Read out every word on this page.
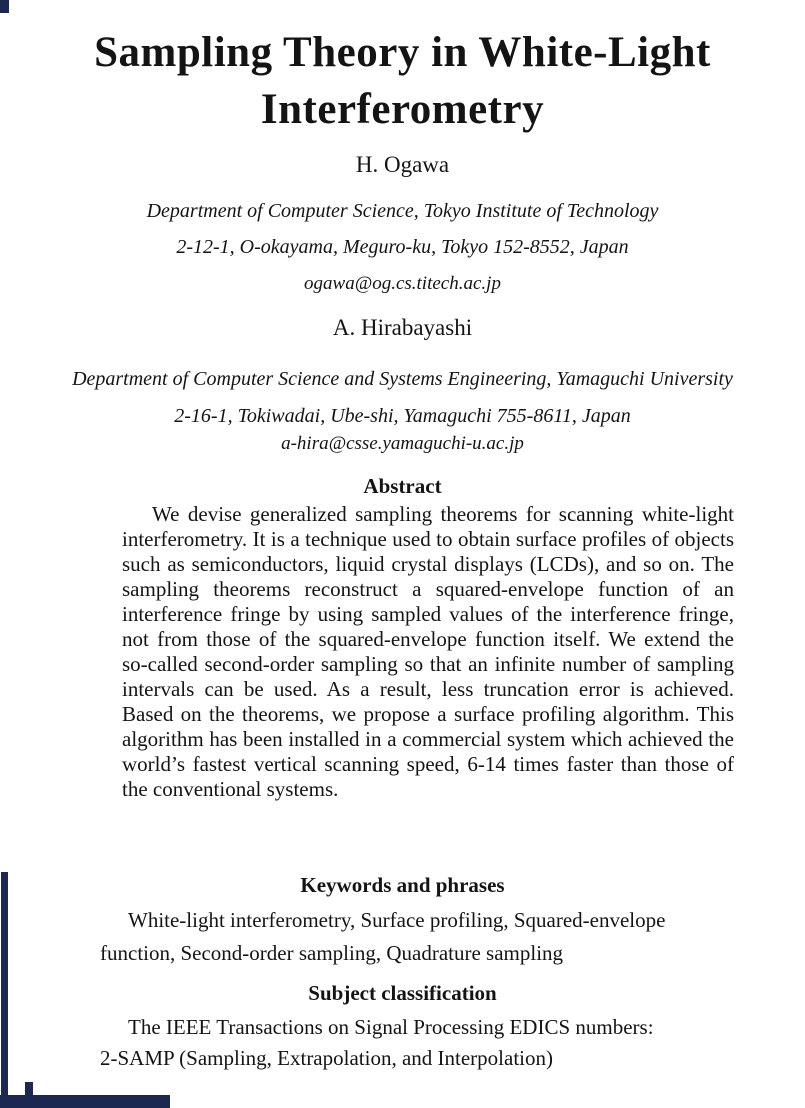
Sampling Theory in White-Light
Interferometry
H. Ogawa
Department of Computer Science, Tokyo Institute of Technology
2-12-1, O-okayama, Meguro-ku, Tokyo 152-8552, Japan
ogawa@og.cs.titech.ac.jp
A. Hirabayashi
Department of Computer Science and Systems Engineering, Yamaguchi University
2-16-1, Tokiwadai, Ube-shi, Yamaguchi 755-8611, Japan
a-hira@csse.yamaguchi-u.ac.jp
Abstract

We devise generalized sampling theorems for scanning white-light interferometry. It is a technique used to obtain surface profiles of objects such as semiconductors, liquid crystal displays (LCDs), and so on. The sampling theorems reconstruct a squared-envelope function of an interference fringe by using sampled values of the interference fringe, not from those of the squared-envelope function itself. We extend the so-called second-order sampling so that an infinite number of sampling intervals can be used. As a result, less truncation error is achieved. Based on the theorems, we propose a surface profiling algorithm. This algorithm has been installed in a commercial system which achieved the world’s fastest vertical scanning speed, 6-14 times faster than those of the conventional systems.

Keywords and phrases
White-light interferometry, Surface profiling, Squared-envelope
function, Second-order sampling, Quadrature sampling
Subject classification
The IEEE Transactions on Signal Processing EDICS numbers:
2-SAMP (Sampling, Extrapolation, and Interpolation)
